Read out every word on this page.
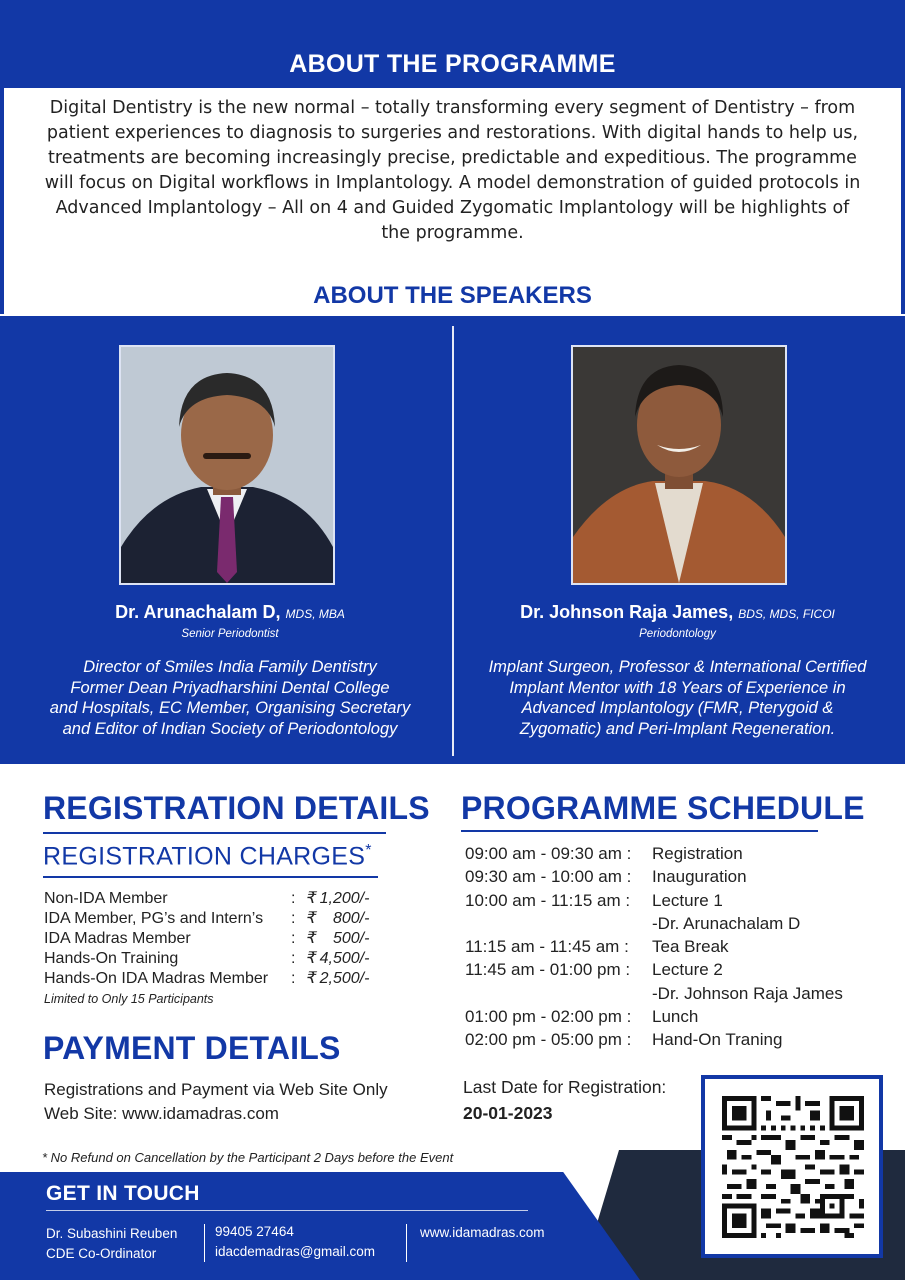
ABOUT THE PROGRAMME
Digital Dentistry is the new normal – totally transforming every segment of Dentistry – from patient experiences to diagnosis to surgeries and restorations. With digital hands to help us, treatments are becoming increasingly precise, predictable and expeditious. The programme will focus on Digital workflows in Implantology. A model demonstration of guided protocols in Advanced Implantology – All on 4 and Guided Zygomatic Implantology will be highlights of the programme.
ABOUT THE SPEAKERS
Dr. Arunachalam D, MDS, MBA
Senior Periodontist
Director of Smiles India Family Dentistry
Former Dean Priyadharshini Dental College
and Hospitals, EC Member, Organising Secretary
and Editor of Indian Society of Periodontology
Dr. Johnson Raja James, BDS, MDS, FICOI
Periodontology
Implant Surgeon, Professor & International Certified
Implant Mentor with 18 Years of Experience in
Advanced Implantology (FMR, Pterygoid &
Zygomatic) and Peri-Implant Regeneration.
REGISTRATION DETAILS
REGISTRATION CHARGES*
Non-IDA Member	: ₹ 1,200/-
IDA Member, PG’s and Intern’s	: ₹    800/-
IDA Madras Member	: ₹    500/-
Hands-On Training	: ₹ 4,500/-
Hands-On IDA Madras Member	: ₹ 2,500/-
Limited to Only 15 Participants
PAYMENT DETAILS
Registrations and Payment via Web Site Only
Web Site: www.idamadras.com
* No Refund on Cancellation by the Participant 2 Days before the Event
PROGRAMME SCHEDULE
09:00 am - 09:30 am :	Registration
09:30 am - 10:00 am :	Inauguration
10:00 am - 11:15 am :	Lecture 1
-Dr. Arunachalam D
11:15 am - 11:45 am :	Tea Break
11:45 am - 01:00 pm :	Lecture 2
-Dr. Johnson Raja James
01:00 pm - 02:00 pm :	Lunch
02:00 pm - 05:00 pm :	Hand-On Traning
Last Date for Registration:
20-01-2023
GET IN TOUCH
Dr. Subashini Reuben
CDE Co-Ordinator
99405 27464
idacdemadras@gmail.com
www.idamadras.com
